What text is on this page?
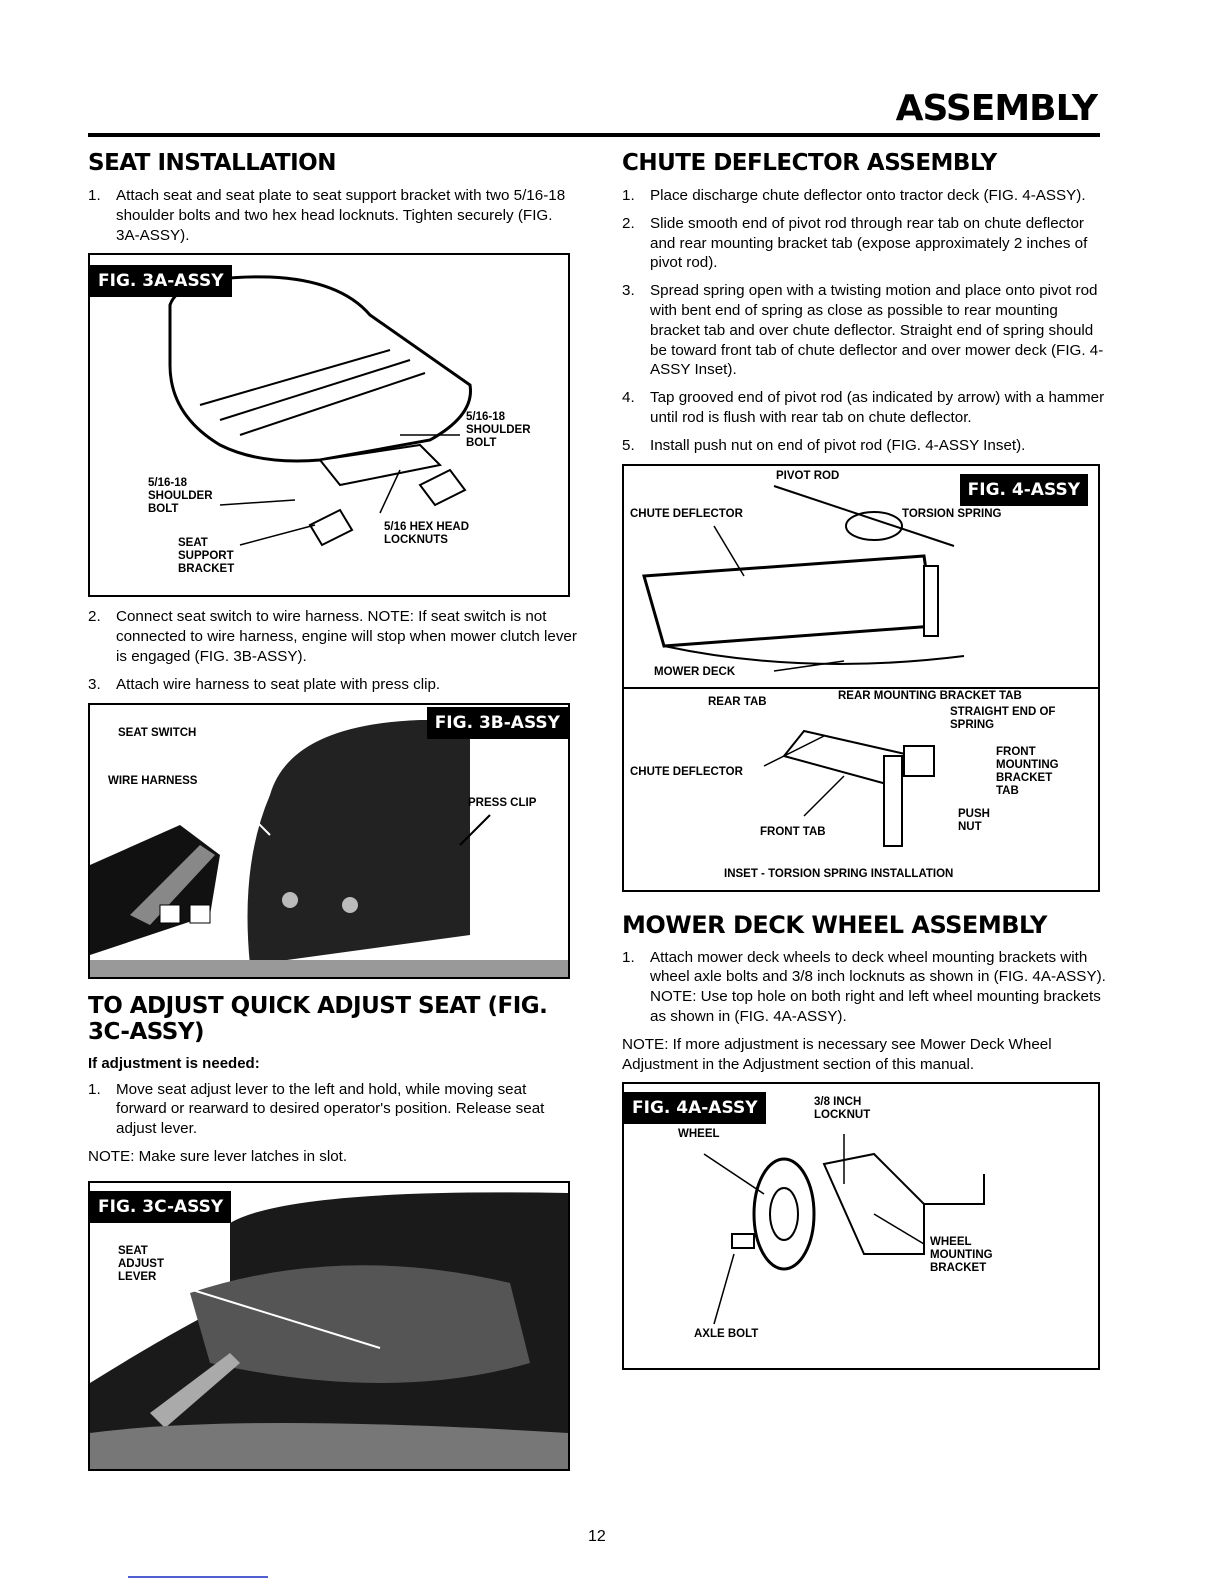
ASSEMBLY
SEAT INSTALLATION
1. Attach seat and seat plate to seat support bracket with two 5/16-18 shoulder bolts and two hex head locknuts. Tighten securely (FIG. 3A-ASSY).
FIG. 3A-ASSY
5/16-18 SHOULDER BOLT
5/16-18 SHOULDER BOLT
5/16 HEX HEAD LOCKNUTS
SEAT SUPPORT BRACKET
2. Connect seat switch to wire harness. NOTE: If seat switch is not connected to wire harness, engine will stop when mower clutch lever is engaged (FIG. 3B-ASSY).
3. Attach wire harness to seat plate with press clip.
FIG. 3B-ASSY
SEAT SWITCH
WIRE HARNESS
PRESS CLIP
TO ADJUST QUICK ADJUST SEAT (FIG. 3C-ASSY)
If adjustment is needed:
1. Move seat adjust lever to the left and hold, while moving seat forward or rearward to desired operator's position. Release seat adjust lever.

NOTE: Make sure lever latches in slot.

FIG. 3C-ASSY
SEAT ADJUST LEVER
CHUTE DEFLECTOR ASSEMBLY
1. Place discharge chute deflector onto tractor deck (FIG. 4-ASSY).
2. Slide smooth end of pivot rod through rear tab on chute deflector and rear mounting bracket tab (expose approximately 2 inches of pivot rod).
3. Spread spring open with a twisting motion and place onto pivot rod with bent end of spring as close as possible to rear mounting bracket tab and over chute deflector. Straight end of spring should be toward front tab of chute deflector and over mower deck (FIG. 4-ASSY Inset).
4. Tap grooved end of pivot rod (as indicated by arrow) with a hammer until rod is flush with rear tab on chute deflector.
5. Install push nut on end of pivot rod (FIG. 4-ASSY Inset).
FIG. 4-ASSY
PIVOT ROD
CHUTE DEFLECTOR	TORSION SPRING
MOWER DECK
REAR TAB	REAR MOUNTING BRACKET TAB
STRAIGHT END OF SPRING
CHUTE DEFLECTOR
FRONT MOUNTING BRACKET TAB
PUSH NUT
FRONT TAB
INSET - TORSION SPRING INSTALLATION
MOWER DECK WHEEL ASSEMBLY
1. Attach mower deck wheels to deck wheel mounting brackets with wheel axle bolts and 3/8 inch locknuts as shown in (FIG. 4A-ASSY). NOTE: Use top hole on both right and left wheel mounting brackets as shown in (FIG. 4A-ASSY).

NOTE: If more adjustment is necessary see Mower Deck Wheel Adjustment in the Adjustment section of this manual.

FIG. 4A-ASSY	3/8 INCH LOCKNUT
WHEEL
WHEEL MOUNTING BRACKET
AXLE BOLT
12
